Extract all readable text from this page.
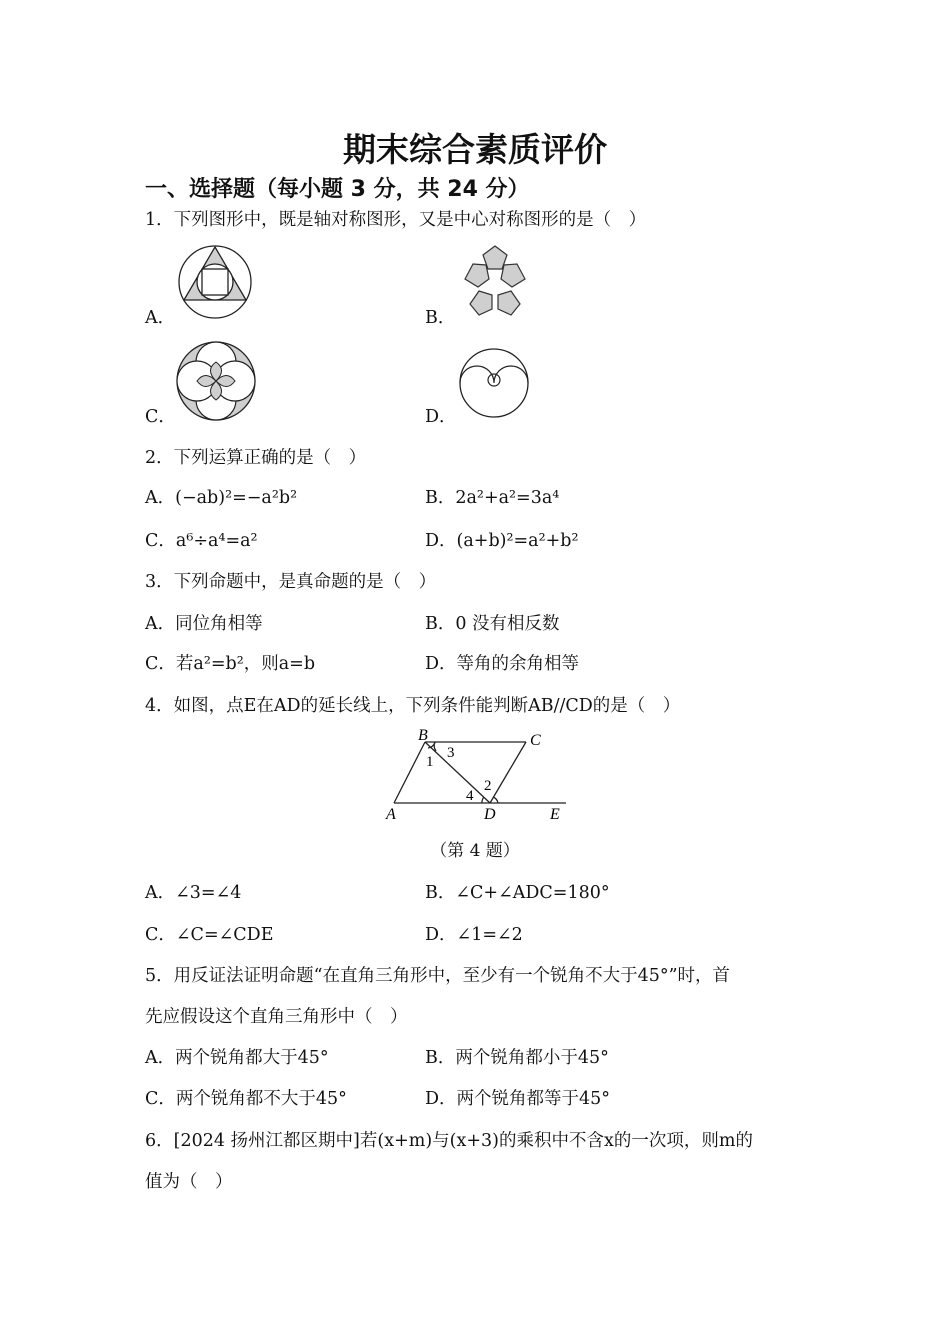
期末综合素质评价
一、选择题（每小题 3 分，共 24 分）
1．下列图形中，既是轴对称图形，又是中心对称图形的是（　）
A．	B．
C．	D．
2．下列运算正确的是（　）
A．(−ab)²=−a²b²	B．2a²+a²=3a⁴
C．a⁶÷a⁴=a²	D．(a+b)²=a²+b²
3．下列命题中，是真命题的是（　）
A．同位角相等	B．0 没有相反数
C．若a²=b²，则a=b	D．等角的余角相等
4．如图，点E在AD的延长线上，下列条件能判断AB//CD的是（　）
B	C
A	D	E
1
2
3
4
（第 4 题）
A．∠3=∠4	B．∠C+∠ADC=180°
C．∠C=∠CDE	D．∠1=∠2
5．用反证法证明命题“在直角三角形中，至少有一个锐角不大于45°”时，首
先应假设这个直角三角形中（　）
A．两个锐角都大于45°	B．两个锐角都小于45°
C．两个锐角都不大于45°	D．两个锐角都等于45°
6．[2024 扬州江都区期中]若(x+m)与(x+3)的乘积中不含x的一次项，则m的
值为（　）
